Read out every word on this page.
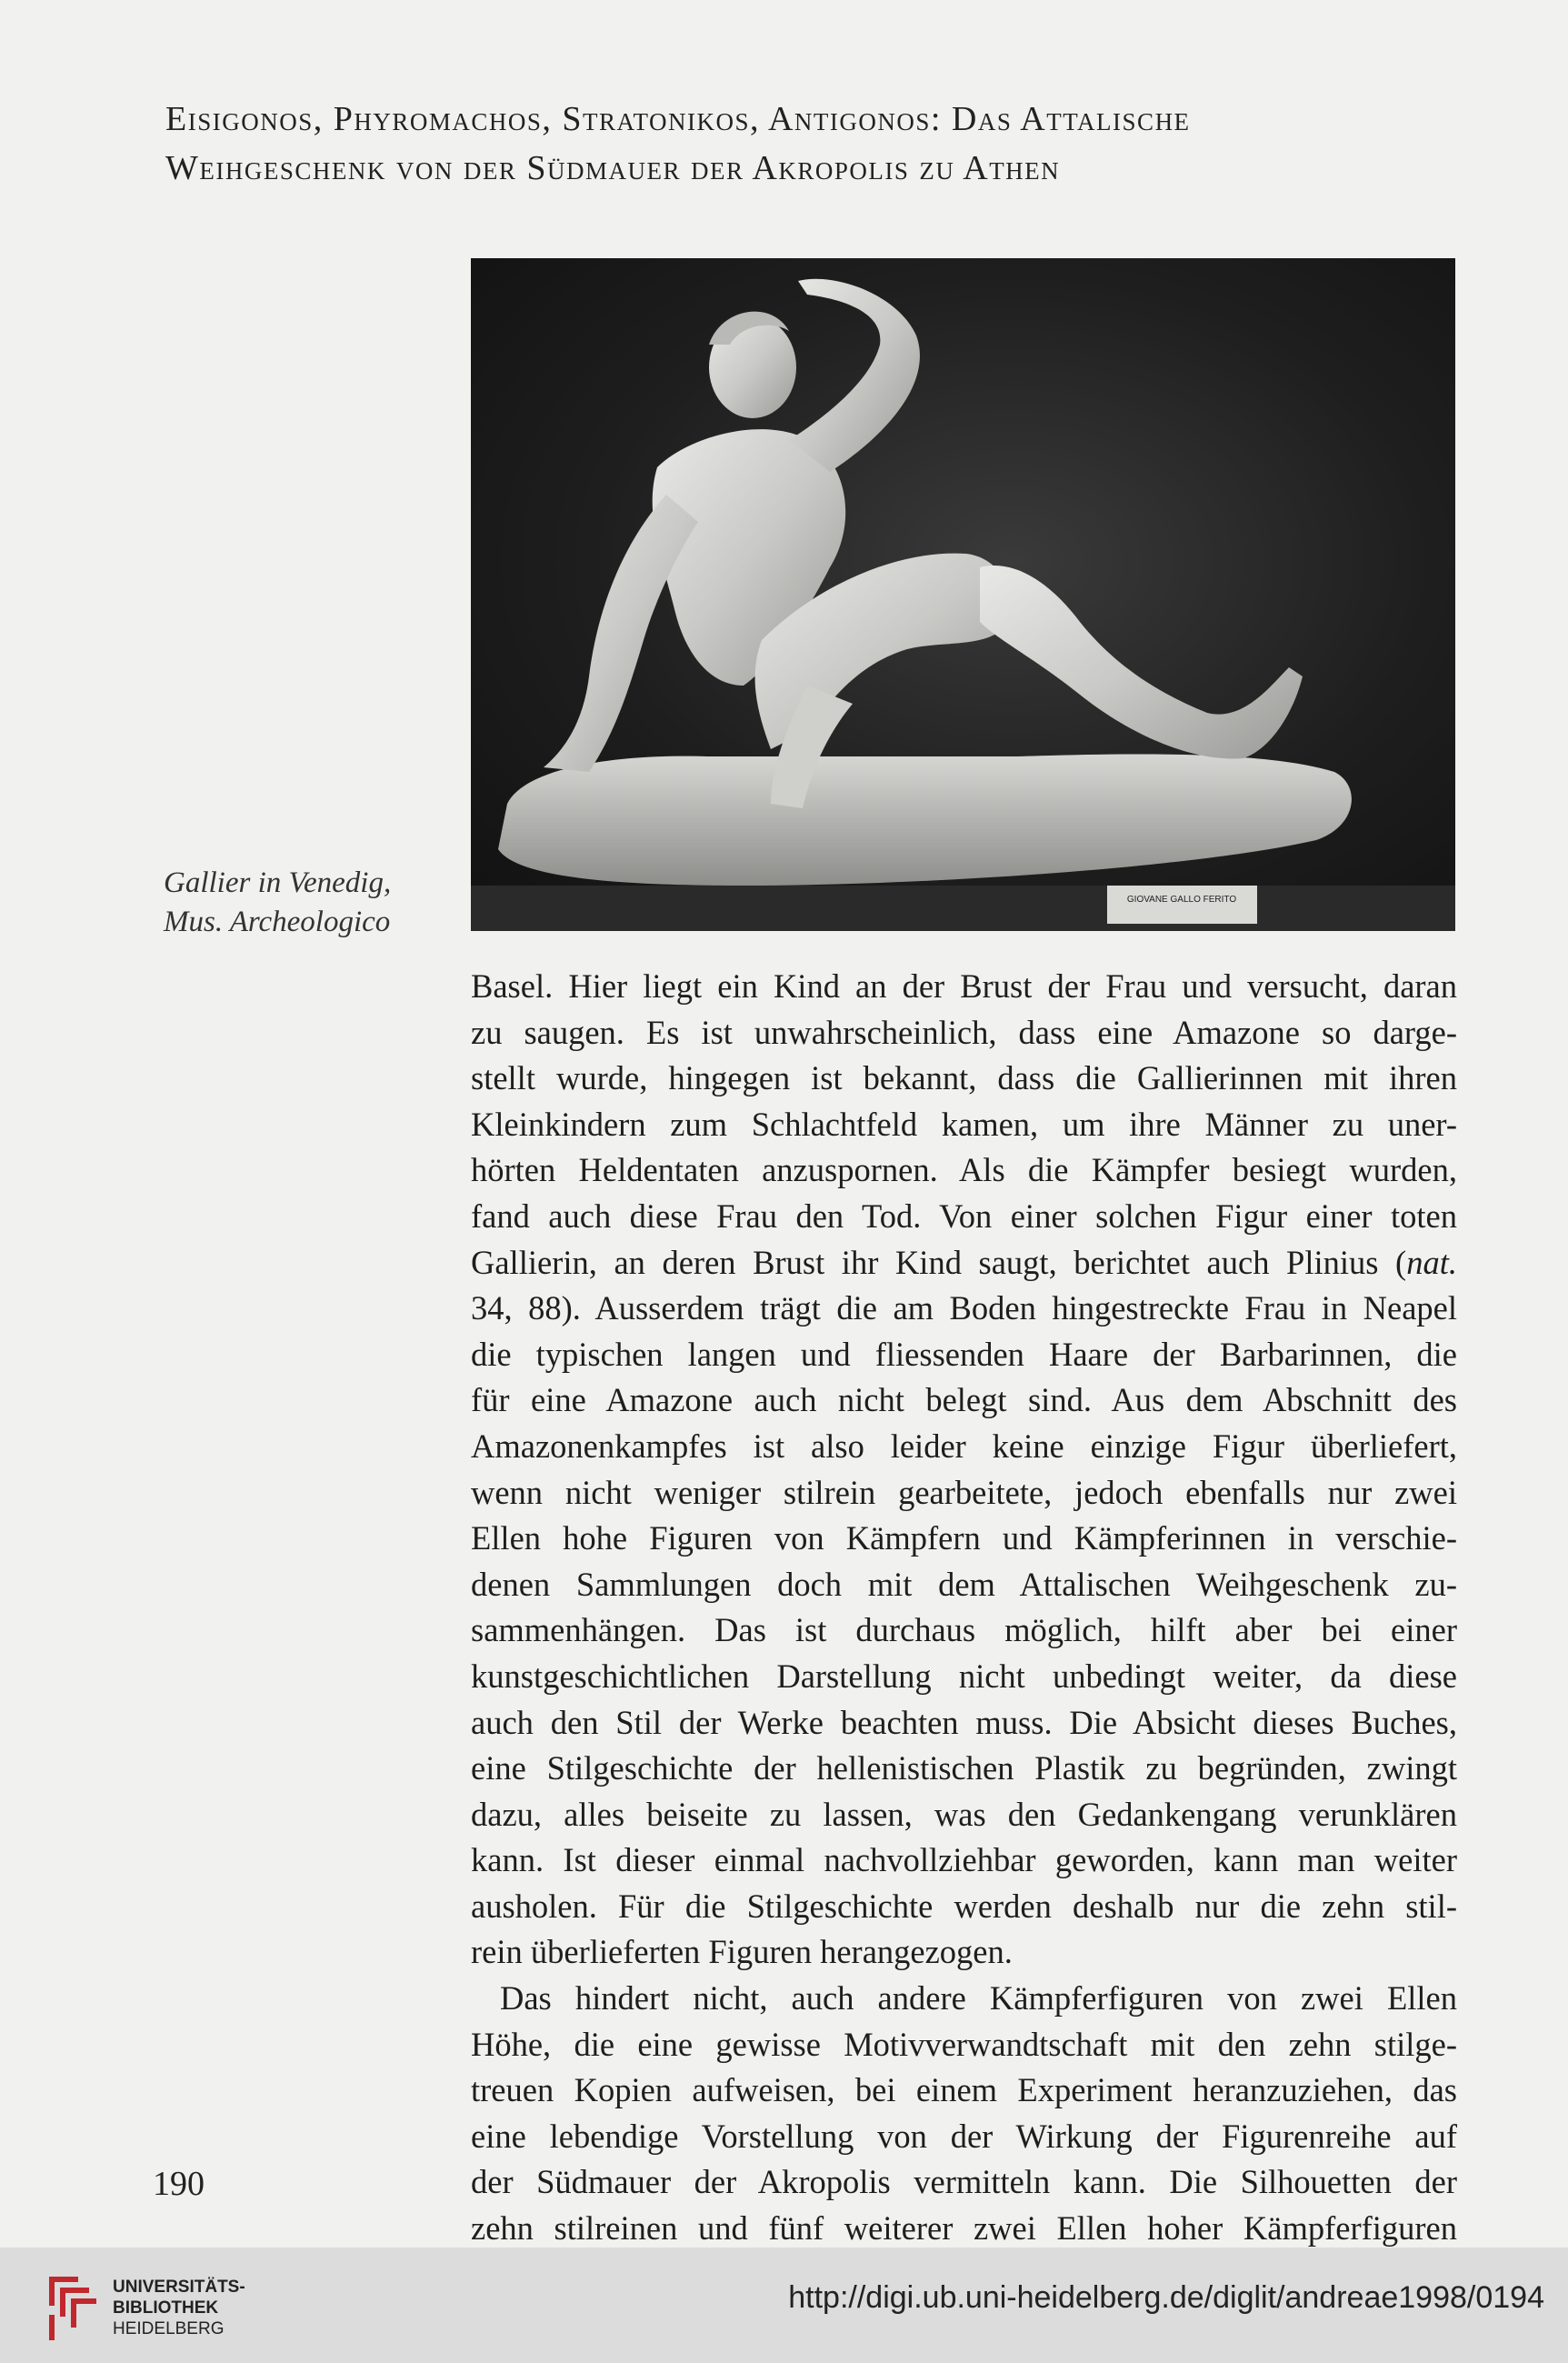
Eisigonos, Phyromachos, Stratonikos, Antigonos: Das Attalische
Weihgeschenk von der Südmauer der Akropolis zu Athen
GIOVANE GALLO FERITO
Gallier in Venedig,
Mus. Archeologico
Basel. Hier liegt ein Kind an der Brust der Frau und versucht, daran
zu saugen. Es ist unwahrscheinlich, dass eine Amazone so darge-
stellt wurde, hingegen ist bekannt, dass die Gallierinnen mit ihren
Kleinkindern zum Schlachtfeld kamen, um ihre Männer zu uner-
hörten Heldentaten anzuspornen. Als die Kämpfer besiegt wurden,
fand auch diese Frau den Tod. Von einer solchen Figur einer toten
Gallierin, an deren Brust ihr Kind saugt, berichtet auch Plinius (nat.
34, 88). Ausserdem trägt die am Boden hingestreckte Frau in Neapel
die typischen langen und fliessenden Haare der Barbarinnen, die
für eine Amazone auch nicht belegt sind. Aus dem Abschnitt des
Amazonenkampfes ist also leider keine einzige Figur überliefert,
wenn nicht weniger stilrein gearbeitete, jedoch ebenfalls nur zwei
Ellen hohe Figuren von Kämpfern und Kämpferinnen in verschie-
denen Sammlungen doch mit dem Attalischen Weihgeschenk zu-
sammenhängen. Das ist durchaus möglich, hilft aber bei einer
kunstgeschichtlichen Darstellung nicht unbedingt weiter, da diese
auch den Stil der Werke beachten muss. Die Absicht dieses Buches,
eine Stilgeschichte der hellenistischen Plastik zu begründen, zwingt
dazu, alles beiseite zu lassen, was den Gedankengang verunklären
kann. Ist dieser einmal nachvollziehbar geworden, kann man weiter
ausholen. Für die Stilgeschichte werden deshalb nur die zehn stil-
rein überlieferten Figuren herangezogen.
Das hindert nicht, auch andere Kämpferfiguren von zwei Ellen
Höhe, die eine gewisse Motivverwandtschaft mit den zehn stilge-
treuen Kopien aufweisen, bei einem Experiment heranzuziehen, das
eine lebendige Vorstellung von der Wirkung der Figurenreihe auf
der Südmauer der Akropolis vermitteln kann. Die Silhouetten der
zehn stilreinen und fünf weiterer zwei Ellen hoher Kämpferfiguren
190
UNIVERSITÄTS-
BIBLIOTHEK
HEIDELBERG
http://digi.ub.uni-heidelberg.de/diglit/andreae1998/0194
